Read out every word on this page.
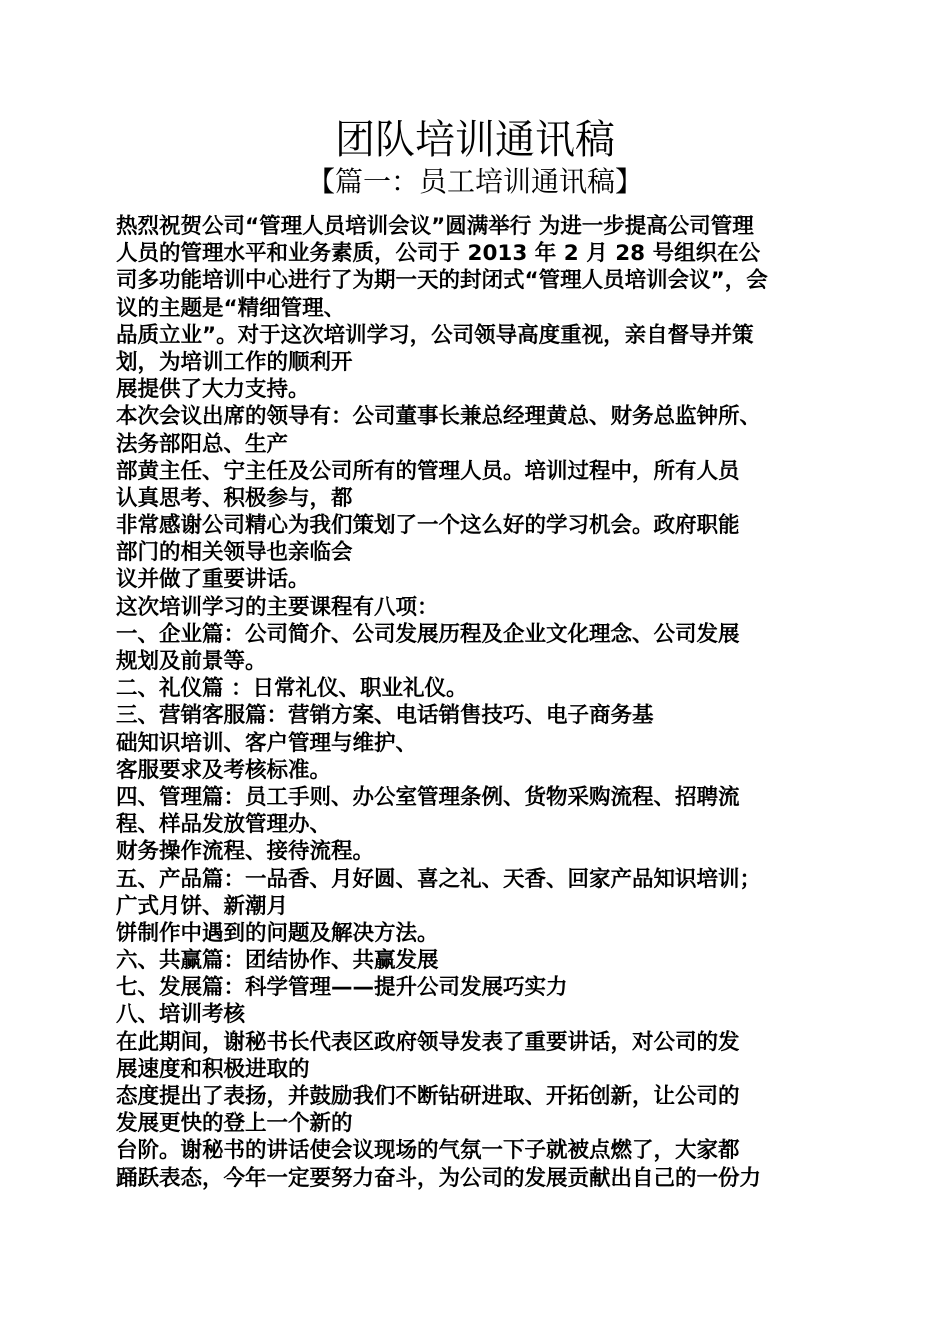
团队培训通讯稿
【篇一：员工培训通讯稿】
热烈祝贺公司“管理人员培训会议”圆满举行 为进一步提高公司管理
人员的管理水平和业务素质，公司于 2013 年 2 月 28 号组织在公
司多功能培训中心进行了为期一天的封闭式“管理人员培训会议”，会
议的主题是“精细管理、
品质立业”。对于这次培训学习，公司领导高度重视，亲自督导并策
划，为培训工作的顺利开
展提供了大力支持。
本次会议出席的领导有：公司董事长兼总经理黄总、财务总监钟所、
法务部阳总、生产
部黄主任、宁主任及公司所有的管理人员。培训过程中，所有人员
认真思考、积极参与，都
非常感谢公司精心为我们策划了一个这么好的学习机会。政府职能
部门的相关领导也亲临会
议并做了重要讲话。
这次培训学习的主要课程有八项：
一、企业篇：公司简介、公司发展历程及企业文化理念、公司发展
规划及前景等。
二、礼仪篇 ：日常礼仪、职业礼仪。
三、营销客服篇：营销方案、电话销售技巧、电子商务基
础知识培训、客户管理与维护、
客服要求及考核标准。
四、管理篇：员工手则、办公室管理条例、货物采购流程、招聘流
程、样品发放管理办、
财务操作流程、接待流程。
五、产品篇：一品香、月好圆、喜之礼、天香、回家产品知识培训；
广式月饼、新潮月
饼制作中遇到的问题及解决方法。
六、共赢篇：团结协作、共赢发展
七、发展篇：科学管理——提升公司发展巧实力
八、培训考核
在此期间，谢秘书长代表区政府领导发表了重要讲话，对公司的发
展速度和积极进取的
态度提出了表扬，并鼓励我们不断钻研进取、开拓创新，让公司的
发展更快的登上一个新的
台阶。谢秘书的讲话使会议现场的气氛一下子就被点燃了，大家都
踊跃表态，今年一定要努力奋斗，为公司的发展贡献出自己的一份力
